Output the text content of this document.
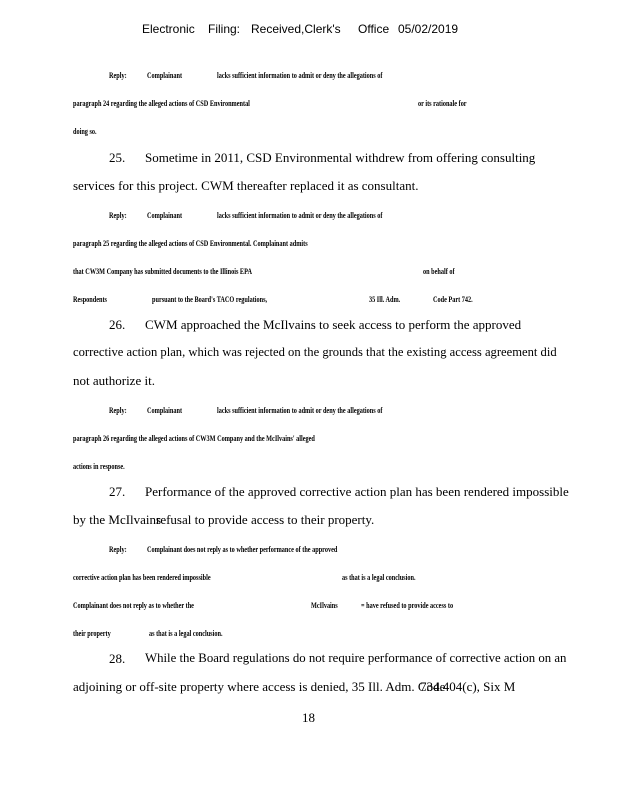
Electronic Filing: Received,Clerk's Office 05/02/2019
Reply:	Complainant	lacks sufficient information to admit or deny the allegations of
paragraph 24 regarding the alleged actions of CSD Environmental	or its rationale for
doing so.
25. Sometime in 2011, CSD Environmental withdrew from offering consulting
services for this project. CWM thereafter replaced it as consultant.
Reply:	Complainant	lacks sufficient information to admit or deny the allegations of
paragraph 25 regarding the alleged actions of CSD Environmental. Complainant admits
that CW3M Company has submitted documents to the Illinois EPA	on behalf of
Respondents	pursuant to the Board's TACO regulations,	35 Ill. Adm.	Code Part 742.
26. CWM approached the McIlvains to seek access to perform the approved
corrective action plan, which was rejected on the grounds that the existing access agreement did
not authorize it.
Reply:	Complainant	lacks sufficient information to admit or deny the allegations of
paragraph 26 regarding the alleged actions of CW3M Company and the McIlvains' alleged
actions in response.
27. Performance of the approved corrective action plan has been rendered impossible
by the McIlvains
refusal to provide access to their property.
Reply:	Complainant does not reply as to whether performance of the approved
corrective action plan has been rendered impossible	as that is a legal conclusion.
Complainant does not reply as to whether the	McIlvains	= have refused to provide access to
their property	as that is a legal conclusion.
28. While the Board regulations do not require performance of corrective action on an
adjoining or off-site property where access is denied, 35 Ill. Adm. Code
734.404(c), Six M
18
